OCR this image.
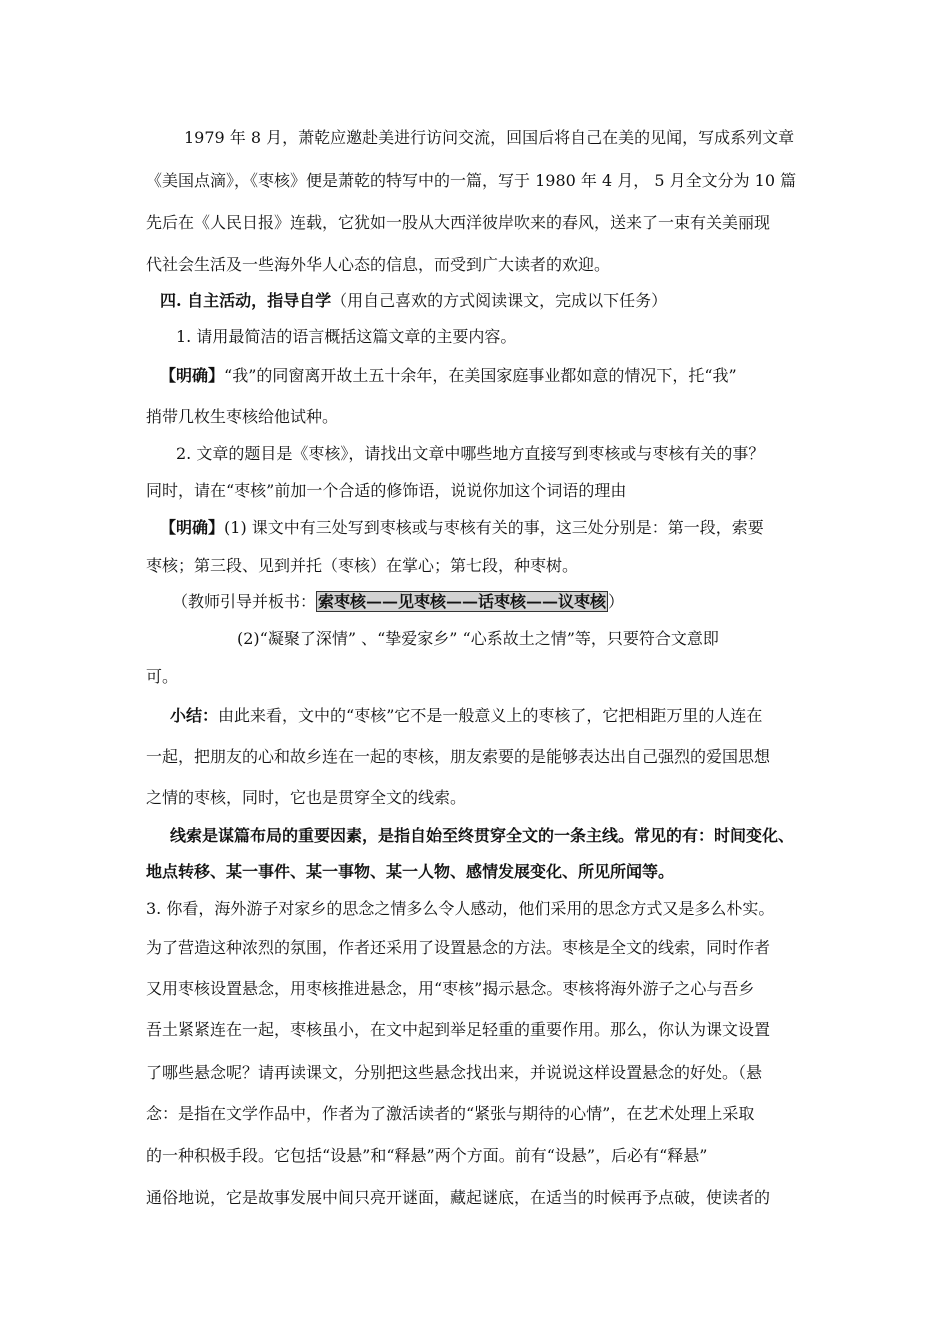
1979 年 8 月，萧乾应邀赴美进行访问交流，回国后将自己在美的见闻，写成系列文章
《美国点滴》，《枣核》便是萧乾的特写中的一篇，写于 1980 年 4 月， 5 月全文分为 10 篇
先后在《人民日报》连载，它犹如一股从大西洋彼岸吹来的春风，送来了一束有关美丽现
代社会生活及一些海外华人心态的信息，而受到广大读者的欢迎。
四. 自主活动，指导自学（用自己喜欢的方式阅读课文，完成以下任务）
1. 请用最简洁的语言概括这篇文章的主要内容。
【明确】“我”的同窗离开故土五十余年，在美国家庭事业都如意的情况下，托“我”
捎带几枚生枣核给他试种。
2. 文章的题目是《枣核》，请找出文章中哪些地方直接写到枣核或与枣核有关的事？
同时，请在“枣核”前加一个合适的修饰语，说说你加这个词语的理由
【明确】(1) 课文中有三处写到枣核或与枣核有关的事，这三处分别是：第一段，索要
枣核；第三段、见到并托（枣核）在掌心；第七段，种枣树。
（教师引导并板书： 索枣核——见枣核——话枣核——议枣核 ）
(2)“凝聚了深情” 、“挚爱家乡” “心系故土之情”等，只要符合文意即
可。
小结：由此来看，文中的“枣核”它不是一般意义上的枣核了，它把相距万里的人连在
一起，把朋友的心和故乡连在一起的枣核，朋友索要的是能够表达出自己强烈的爱国思想
之情的枣核，同时，它也是贯穿全文的线索。
线索是谋篇布局的重要因素，是指自始至终贯穿全文的一条主线。常见的有：时间变化、
地点转移、某一事件、某一事物、某一人物、感情发展变化、所见所闻等。
3. 你看，海外游子对家乡的思念之情多么令人感动，他们采用的思念方式又是多么朴实。
为了营造这种浓烈的氛围，作者还采用了设置悬念的方法。枣核是全文的线索，同时作者
又用枣核设置悬念，用枣核推进悬念，用“枣核”揭示悬念。枣核将海外游子之心与吾乡
吾土紧紧连在一起，枣核虽小，在文中起到举足轻重的重要作用。那么，你认为课文设置
了哪些悬念呢？请再读课文，分别把这些悬念找出来，并说说这样设置悬念的好处。（悬
念：是指在文学作品中，作者为了激活读者的“紧张与期待的心情”，在艺术处理上采取
的一种积极手段。它包括“设悬”和“释悬”两个方面。前有“设悬”，后必有“释悬”
通俗地说，它是故事发展中间只亮开谜面，藏起谜底，在适当的时候再予点破，使读者的
